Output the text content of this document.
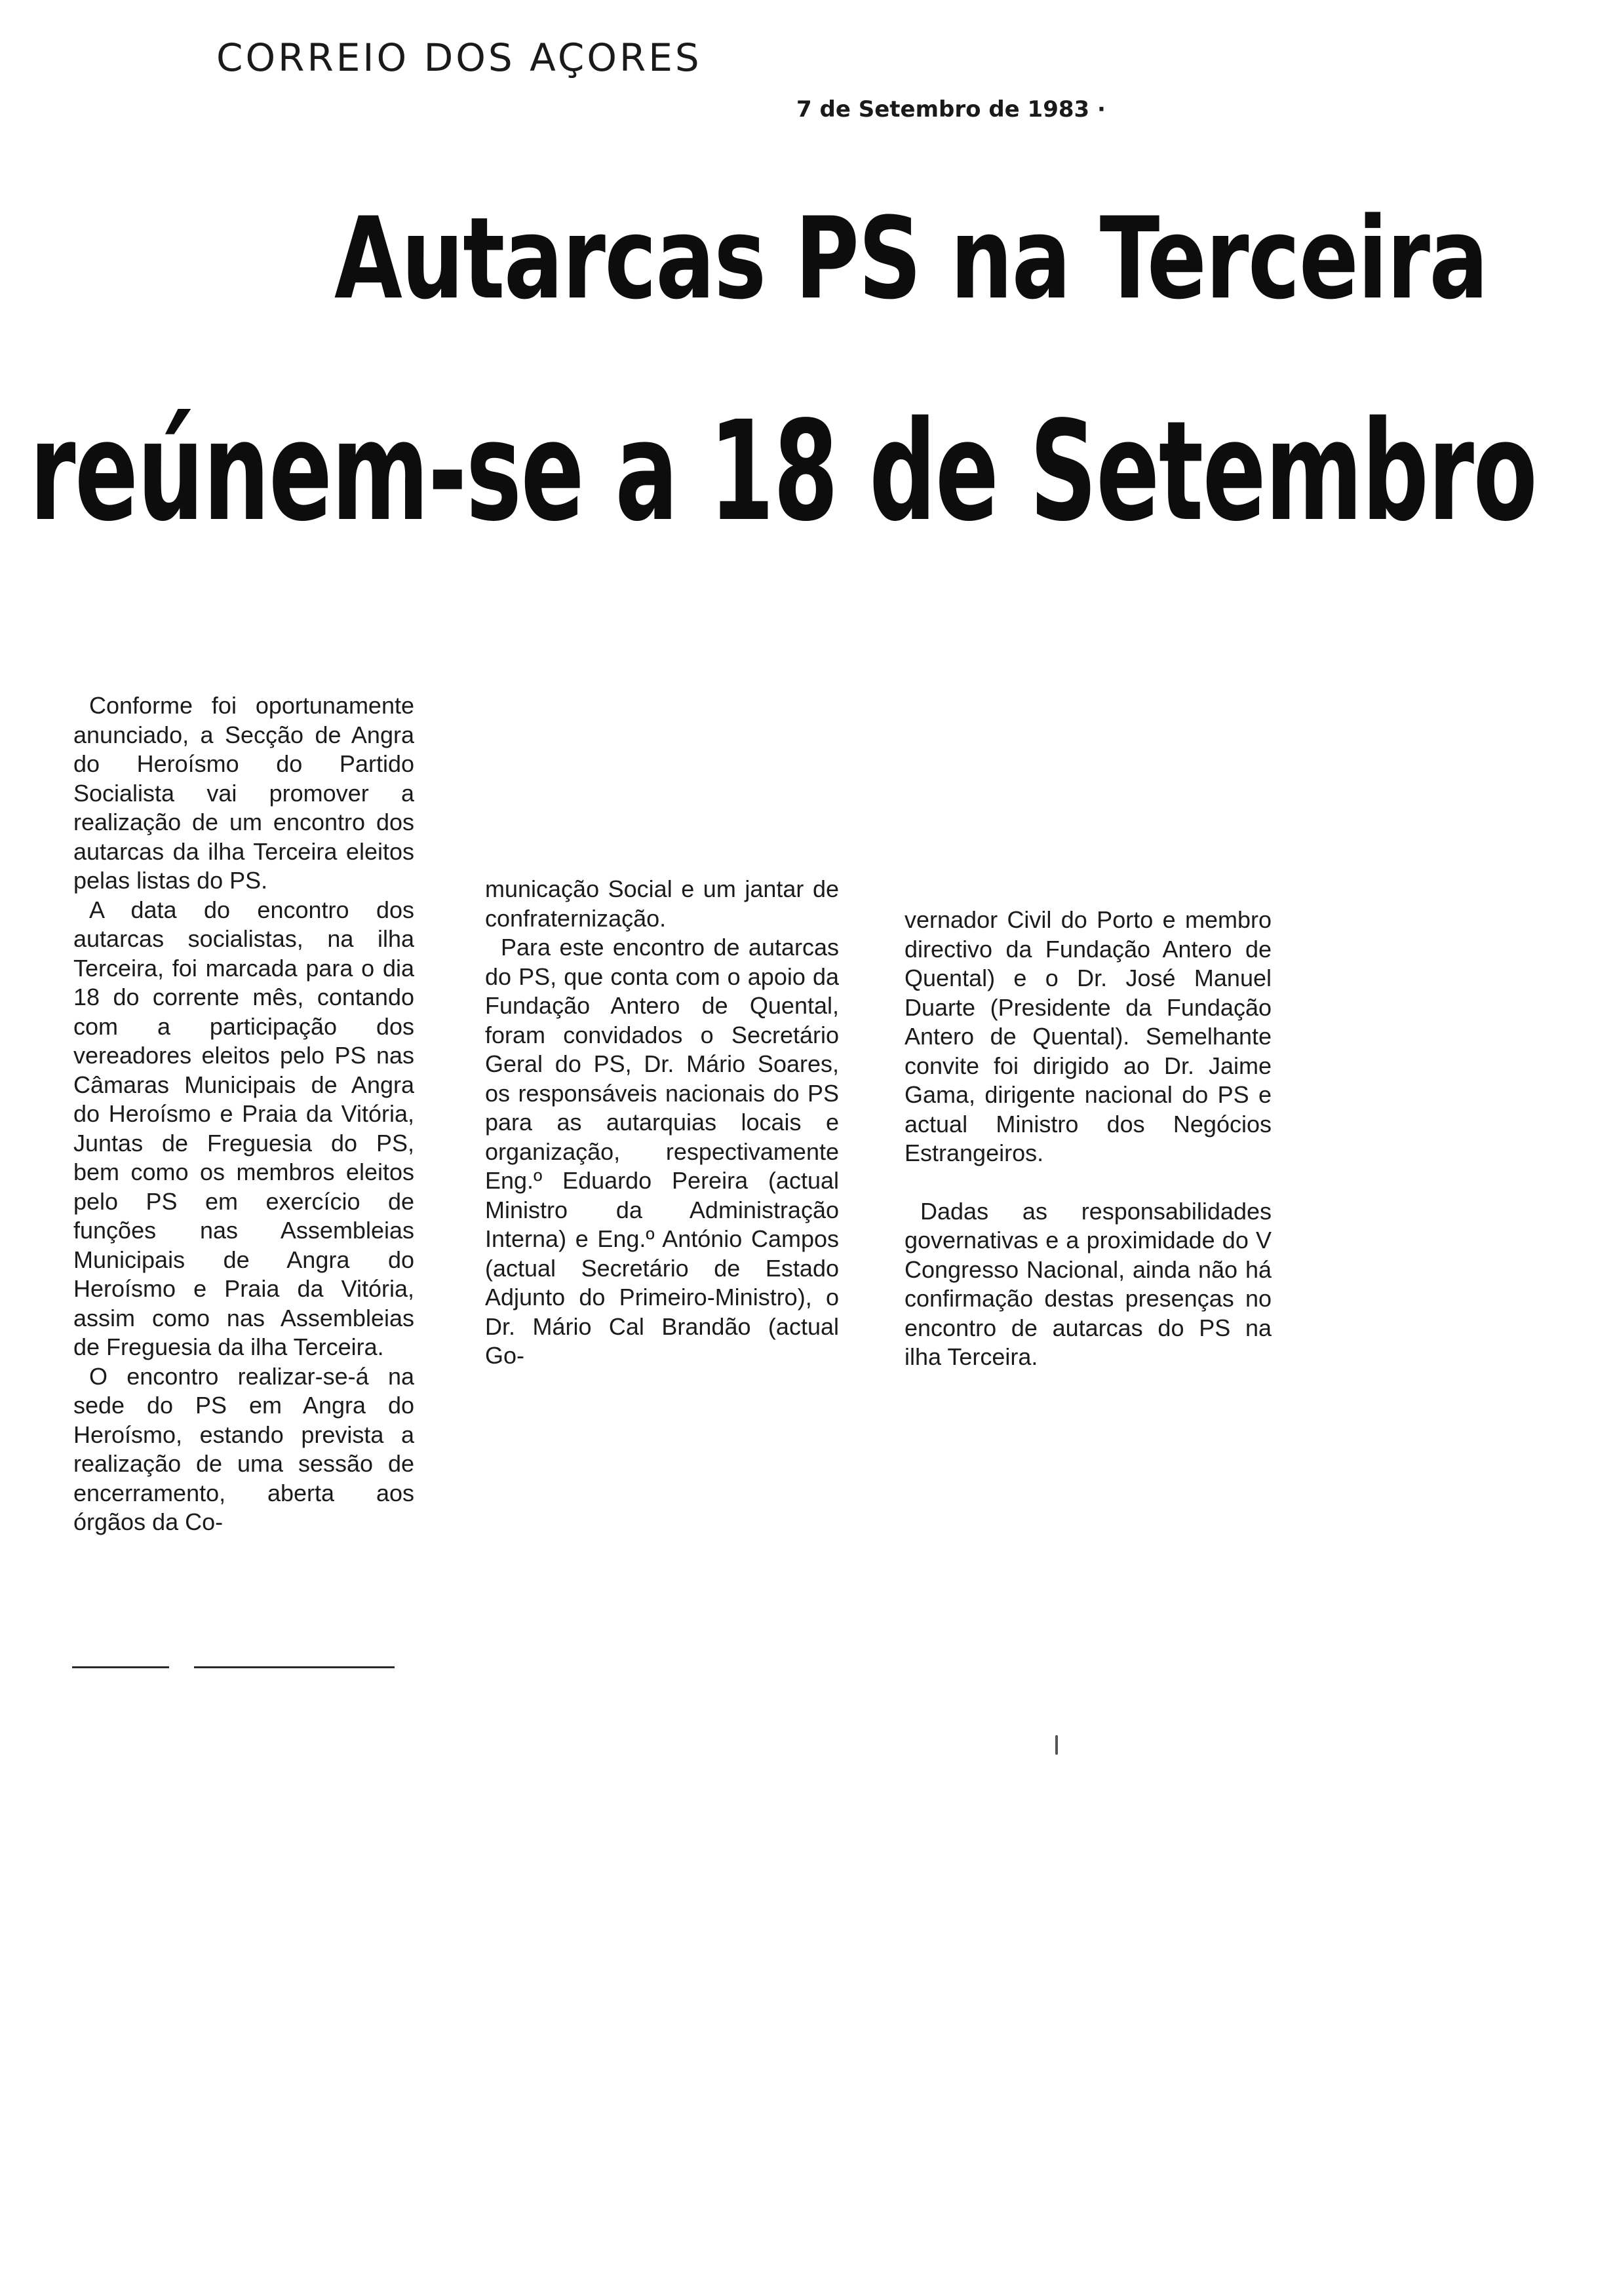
CORREIO DOS AÇORES
7 de Setembro de 1983 ·
Autarcas PS na Terceira
reúnem-se a 18 de Setembro

Conforme foi oportunamente anunciado, a Secção de Angra do Heroísmo do Partido Socialista vai promover a realização de um encontro dos autarcas da ilha Terceira eleitos pelas listas do PS.

A data do encontro dos autarcas socialistas, na ilha Terceira, foi marcada para o dia 18 do corrente mês, contando com a participação dos vereadores eleitos pelo PS nas Câmaras Municipais de Angra do Heroísmo e Praia da Vitória, Juntas de Freguesia do PS, bem como os membros eleitos pelo PS em exercício de funções nas Assembleias Municipais de Angra do Heroísmo e Praia da Vitória, assim como nas Assembleias de Freguesia da ilha Terceira.

O encontro realizar-se-á na sede do PS em Angra do Heroísmo, estando prevista a realização de uma sessão de encerramento, aberta aos órgãos da Co-

municação Social e um jantar de confraternização.

Para este encontro de autarcas do PS, que conta com o apoio da Fundação Antero de Quental, foram convidados o Secretário Geral do PS, Dr. Mário Soares, os responsáveis nacionais do PS para as autarquias locais e organização, respectivamente Eng.º Eduardo Pereira (actual Ministro da Administração Interna) e Eng.º António Campos (actual Secretário de Estado Adjunto do Primeiro-Ministro), o Dr. Mário Cal Brandão (actual Go-

vernador Civil do Porto e membro directivo da Fundação Antero de Quental) e o Dr. José Manuel Duarte (Presidente da Fundação Antero de Quental). Semelhante convite foi dirigido ao Dr. Jaime Gama, dirigente nacional do PS e actual Ministro dos Negócios Estrangeiros.

Dadas as responsabilidades governativas e a proximidade do V Congresso Nacional, ainda não há confirmação destas presenças no encontro de autarcas do PS na ilha Terceira.
